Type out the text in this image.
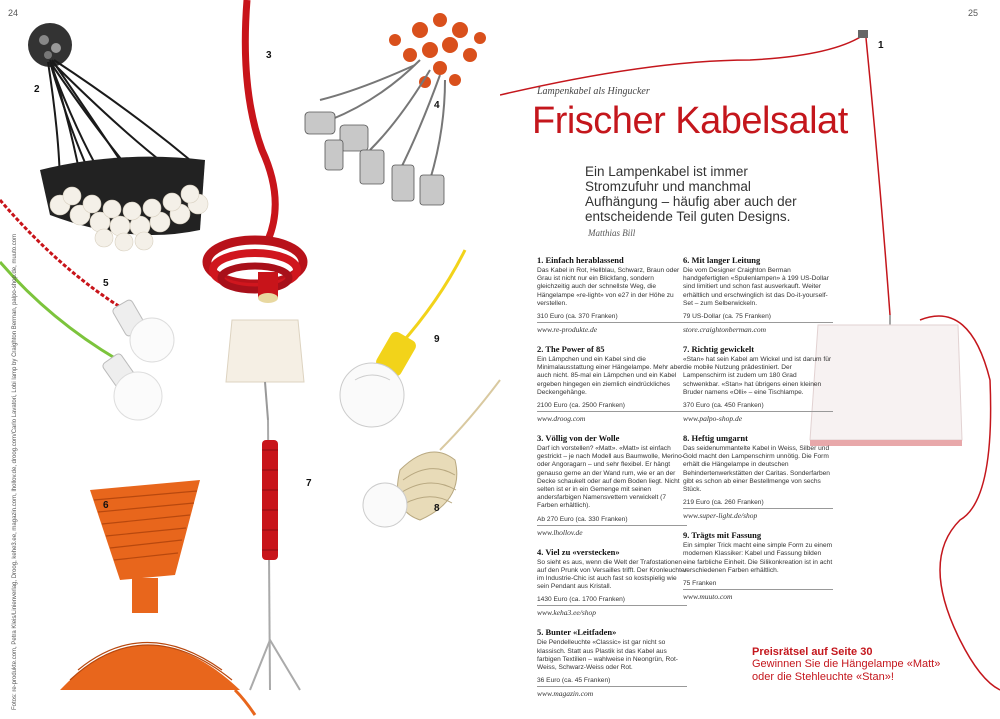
24
2
3
4
5
6
7
8
9
Fotos: re-produkte.com, Petra Kleis/Linienverlag, Droog, kehe3.ee, magazin.com, lhollov.de, droog.com/Carlo Lavatori, Lobi lamp by Craighton Berman, palpo-shop.de, muuto.com
25
1
Lampenkabel als Hingucker
Frischer Kabelsalat
Ein Lampenkabel ist immer Stromzufuhr und manchmal Aufhängung – häufig aber auch der entscheidende Teil guten Designs. Matthias Bill
1. Einfach herablassend

Das Kabel in Rot, Hellblau, Schwarz, Braun oder Grau ist nicht nur ein Blickfang, sondern gleichzeitig auch der schnellste Weg, die Hängelampe «re-light» von e27 in der Höhe zu verstellen.

310 Euro (ca. 370 Franken)
www.re-produkte.de
2. The Power of 85

Ein Lämpchen und ein Kabel sind die Minimalausstattung einer Hängelampe. Mehr aber auch nicht. 85-mal ein Lämpchen und ein Kabel ergeben hingegen ein ziemlich eindrückliches Deckengehänge.

2100 Euro (ca. 2500 Franken)
www.droog.com
3. Völlig von der Wolle

Darf ich vorstellen? «Matt». «Matt» ist einfach gestrickt – je nach Modell aus Baumwolle, Merino- oder Angoragarn – und sehr flexibel. Er hängt genauso gerne an der Wand rum, wie er an der Decke schaukelt oder auf dem Boden liegt. Nicht selten ist er in ein Gemenge mit seinen andersfarbigen Namensvettern verwickelt (7 Farben erhältlich).

Ab 270 Euro (ca. 330 Franken)
www.lhollov.de
4. Viel zu «verstecken»

So sieht es aus, wenn die Welt der Trafostationen auf den Prunk von Versailles trifft. Der Kronleuchter im Industrie-Chic ist auch fast so kostspielig wie sein Pendant aus Kristall.

1430 Euro (ca. 1700 Franken)
www.keha3.ee/shop
5. Bunter «Leitfaden»

Die Pendelleuchte «Classic» ist gar nicht so klassisch. Statt aus Plastik ist das Kabel aus farbigen Textilien – wahlweise in Neongrün, Rot-Weiss, Schwarz-Weiss oder Rot.

36 Euro (ca. 45 Franken)
www.magazin.com
6. Mit langer Leitung

Die vom Designer Craighton Berman handgefertigten «Spulenlampen» à 199 US-Dollar sind limitiert und schon fast ausverkauft. Weiter erhältlich und erschwinglich ist das Do-it-yourself-Set – zum Selberwickeln.

79 US-Dollar (ca. 75 Franken)
store.craightonberman.com
7. Richtig gewickelt

«Stan» hat sein Kabel am Wickel und ist darum für die mobile Nutzung prädestiniert. Der Lampenschirm ist zudem um 180 Grad schwenkbar. «Stan» hat übrigens einen kleinen Bruder namens «Olli» – eine Tischlampe.

370 Euro (ca. 450 Franken)
www.palpo-shop.de
8. Heftig umgarnt

Das seidenummantelte Kabel in Weiss, Silber und Gold macht den Lampenschirm unnötig. Die Form erhält die Hängelampe in deutschen Behindertenwerkstätten der Caritas. Sonderfarben gibt es schon ab einer Bestellmenge von sechs Stück.

219 Euro (ca. 260 Franken)
www.super-light.de/shop
9. Trägts mit Fassung

Ein simpler Trick macht eine simple Form zu einem modernen Klassiker: Kabel und Fassung bilden eine farbliche Einheit. Die Silikonkreation ist in acht verschiedenen Farben erhältlich.

75 Franken
www.muuto.com
Preisrätsel auf Seite 30
Gewinnen Sie die Hängelampe «Matt» oder die Stehleuchte «Stan»!
